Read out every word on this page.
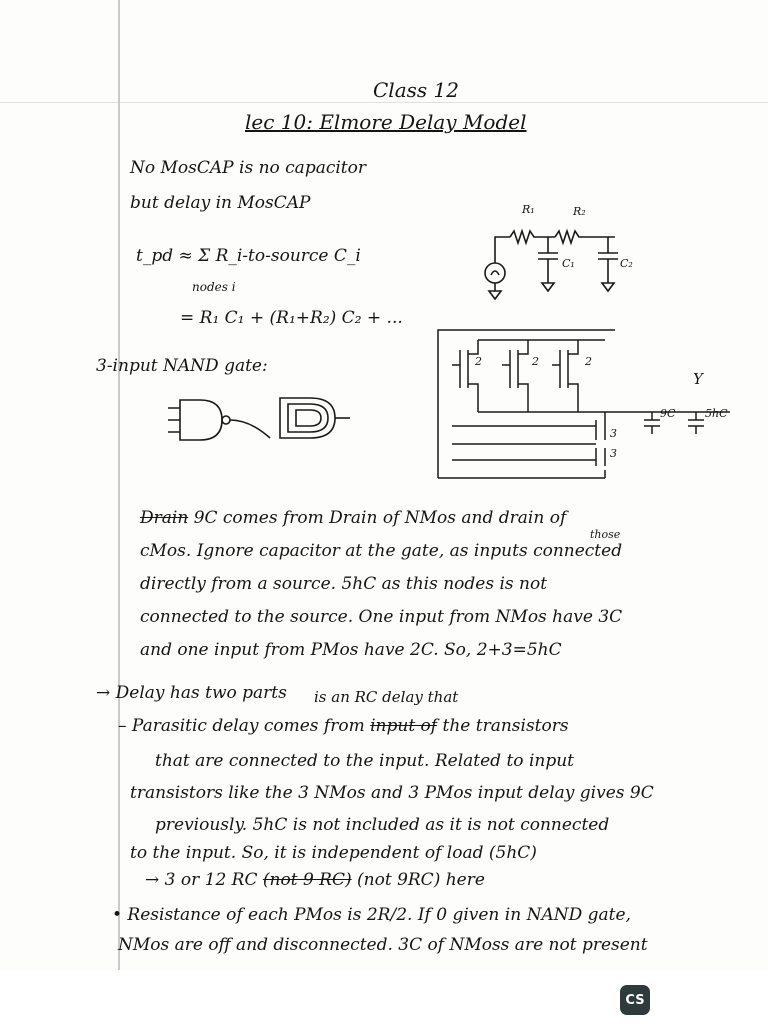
Class 12
lec 10: Elmore Delay Model
No MosCAP is no capacitor
but delay in MosCAP
t_pd ≈ Σ R_i-to-source C_i
nodes i
= R₁ C₁ + (R₁+R₂) C₂ + ...
R₁	R₂
C₁	C₂
3-input NAND gate:	2	2	2
3
3
Y
9C	5hC
Drain 9C comes from Drain of NMos and drain of
those
cMos. Ignore capacitor at the gate, as inputs connected
directly from a source. 5hC as this nodes is not
connected to the source. One input from NMos have 3C
and one input from PMos have 2C. So, 2+3=5hC
→ Delay has two parts is an RC delay that
– Parasitic delay comes from input of the transistors
that are connected to the input. Related to input
transistors like the 3 NMos and 3 PMos input delay gives 9C
previously. 5hC is not included as it is not connected
to the input. So, it is independent of load (5hC)
→ 3 or 12 RC (not 9 RC) (not 9RC) here
• Resistance of each PMos is 2R/2. If 0 given in NAND gate,
NMos are off and disconnected. 3C of NMoss are not present
CS
